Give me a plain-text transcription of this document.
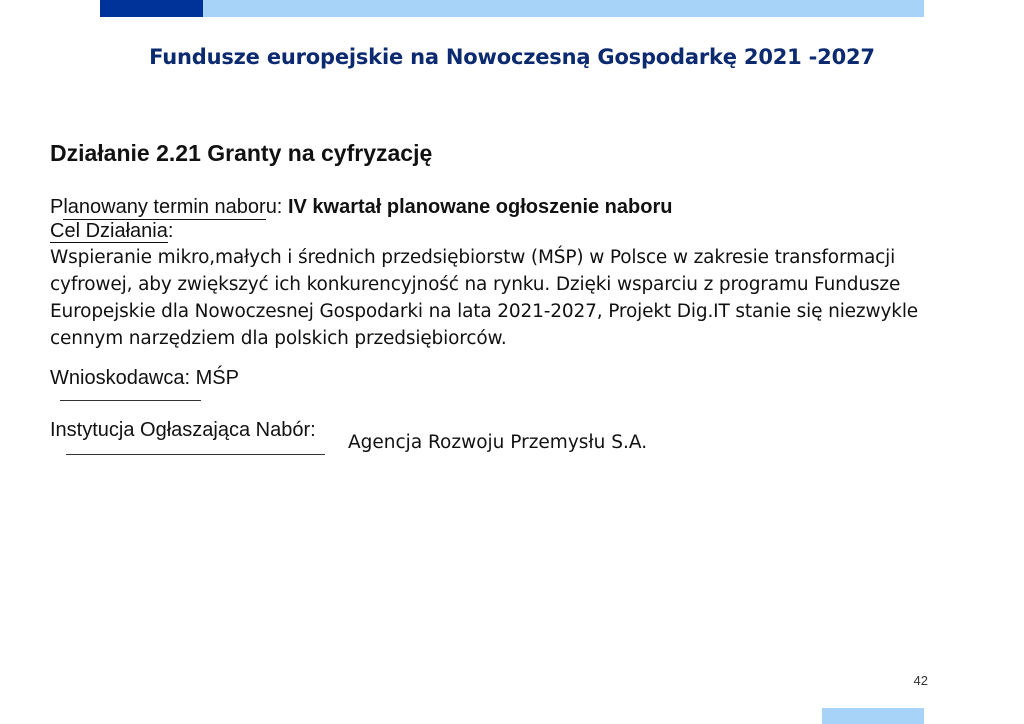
Fundusze europejskie na Nowoczesną Gospodarkę 2021 -2027
Działanie 2.21 Granty na cyfryzację
Planowany termin naboru: IV kwartał planowane ogłoszenie naboru
Cel Działania:
Wspieranie mikro,małych i średnich przedsiębiorstw (MŚP) w Polsce w zakresie transformacji cyfrowej, aby zwiększyć ich konkurencyjność na rynku. Dzięki wsparciu z programu Fundusze Europejskie dla Nowoczesnej Gospodarki na lata 2021-2027, Projekt Dig.IT stanie się niezwykle cennym narzędziem dla polskich przedsiębiorców.
Wnioskodawca: MŚP
Instytucja Ogłaszająca Nabór:
Agencja Rozwoju Przemysłu S.A.
42
